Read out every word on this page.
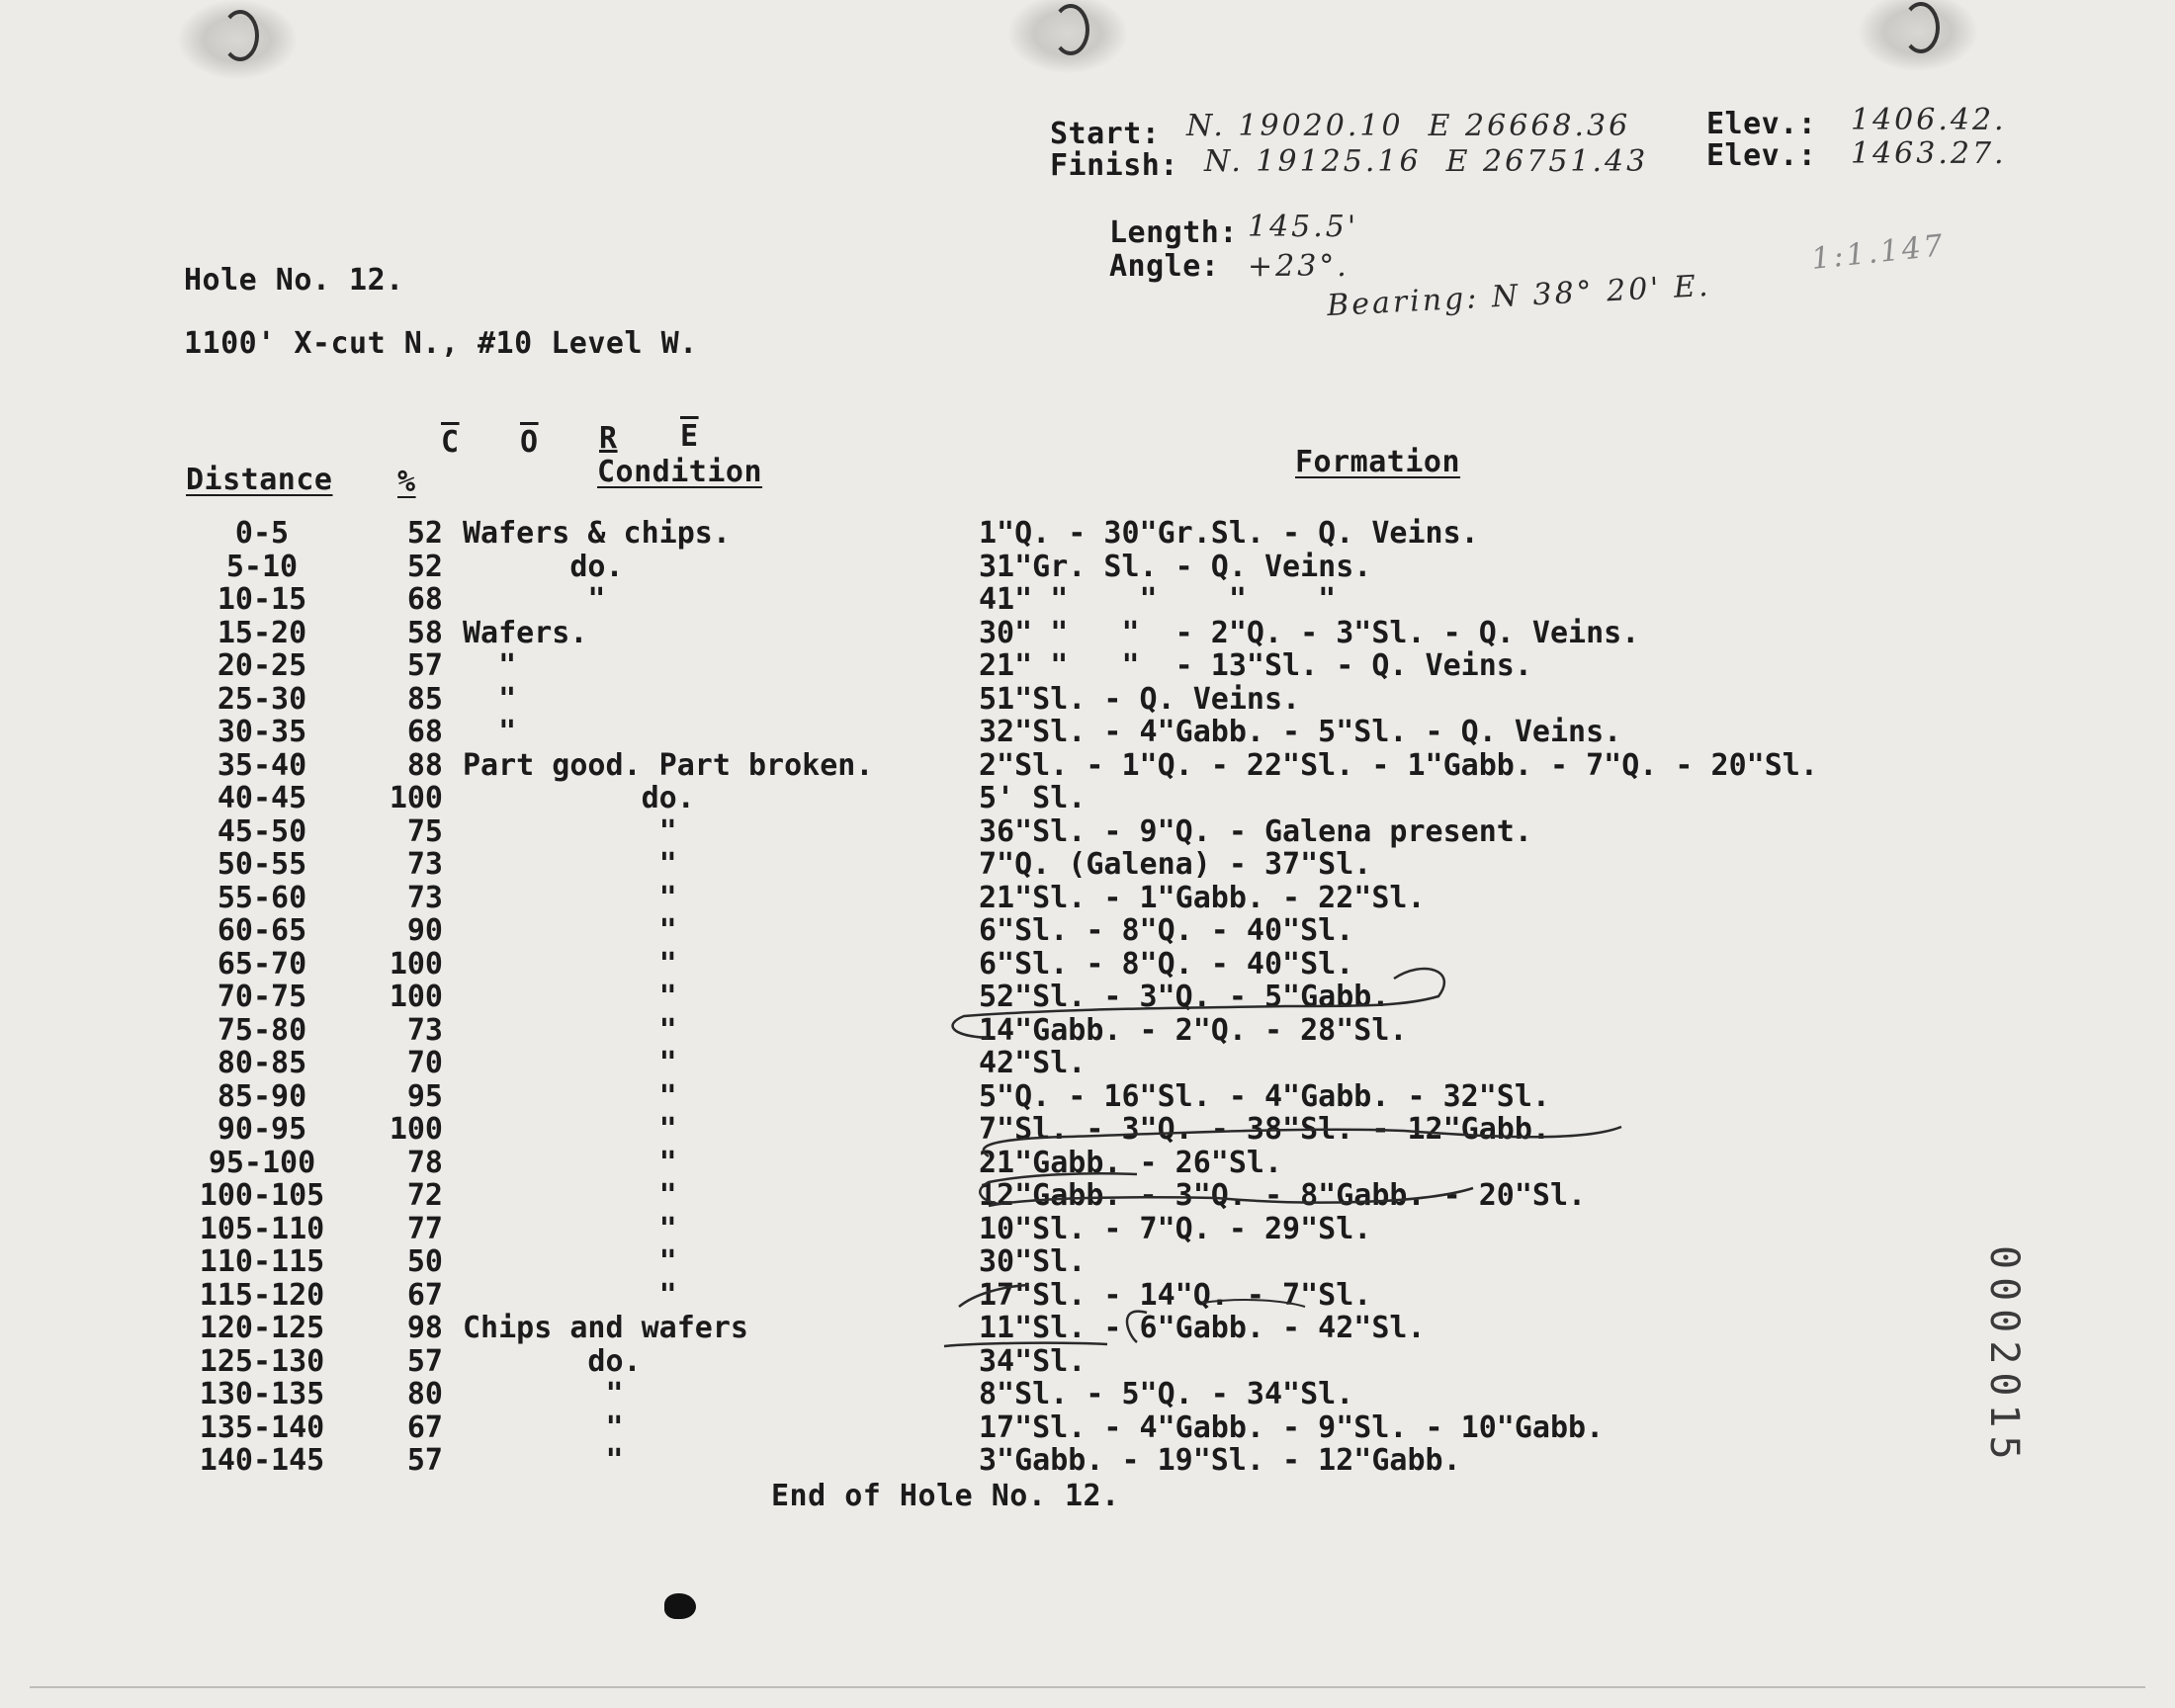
Start: N. 19020.10  E 26668.36	Elev.: 1406.42.
Finish: N. 19125.16  E 26751.43 Elev.: 1463.27.
Length: 145.5'
Angle: +23°.
Bearing: N 38° 20' E.
1:1.147
Hole No. 12.
1100' X-cut N., #10 Level W.
$\overline{C}$ $\overline{O}$ R $\overline{E}$
Distance %	Condition	Formation
0-5	52 Wafers & chips.	1"Q. - 30"Gr.Sl. - Q. Veins.
5-10	52 do.	31"Gr. Sl. - Q. Veins.
10-15	68 "	41" "    "    "    "
15-20	58 Wafers.	30" "   "  - 2"Q. - 3"Sl. - Q. Veins.
20-25	57 "	21" "   "  - 13"Sl. - Q. Veins.
25-30	85 "	51"Sl. - Q. Veins.
30-35	68 "	32"Sl. - 4"Gabb. - 5"Sl. - Q. Veins.
35-40	88 Part good. Part broken.	2"Sl. - 1"Q. - 22"Sl. - 1"Gabb. - 7"Q. - 20"Sl.
40-45	100 do.	5' Sl.
45-50	75 "	36"Sl. - 9"Q. - Galena present.
50-55	73 "	7"Q. (Galena) - 37"Sl.
55-60	73 "	21"Sl. - 1"Gabb. - 22"Sl.
60-65	90 "	6"Sl. - 8"Q. - 40"Sl.
65-70	100 "	6"Sl. - 8"Q. - 40"Sl.
70-75	100 "	52"Sl. - 3"Q. - 5"Gabb.
75-80	73 "	14"Gabb. - 2"Q. - 28"Sl.
80-85	70 "	42"Sl.
85-90	95 "	5"Q. - 16"Sl. - 4"Gabb. - 32"Sl.
90-95	100 "	7"Sl. - 3"Q. - 38"Sl. - 12"Gabb.
95-100	78 "	21"Gabb. - 26"Sl.
100-105	72 "	12"Gabb. - 3"Q. - 8"Gabb. - 20"Sl.
105-110	77 "	10"Sl. - 7"Q. - 29"Sl.
110-115	50 "	30"Sl.
115-120	67 "	17"Sl. - 14"Q. - 7"Sl.
120-125	98 Chips and wafers	11"Sl. - 6"Gabb. - 42"Sl.
125-130	57 do.	34"Sl.
130-135	80 "	8"Sl. - 5"Q. - 34"Sl.
135-140	67 "	17"Sl. - 4"Gabb. - 9"Sl. - 10"Gabb.
140-145	57 "	3"Gabb. - 19"Sl. - 12"Gabb.
End of Hole No. 12.
0002015
